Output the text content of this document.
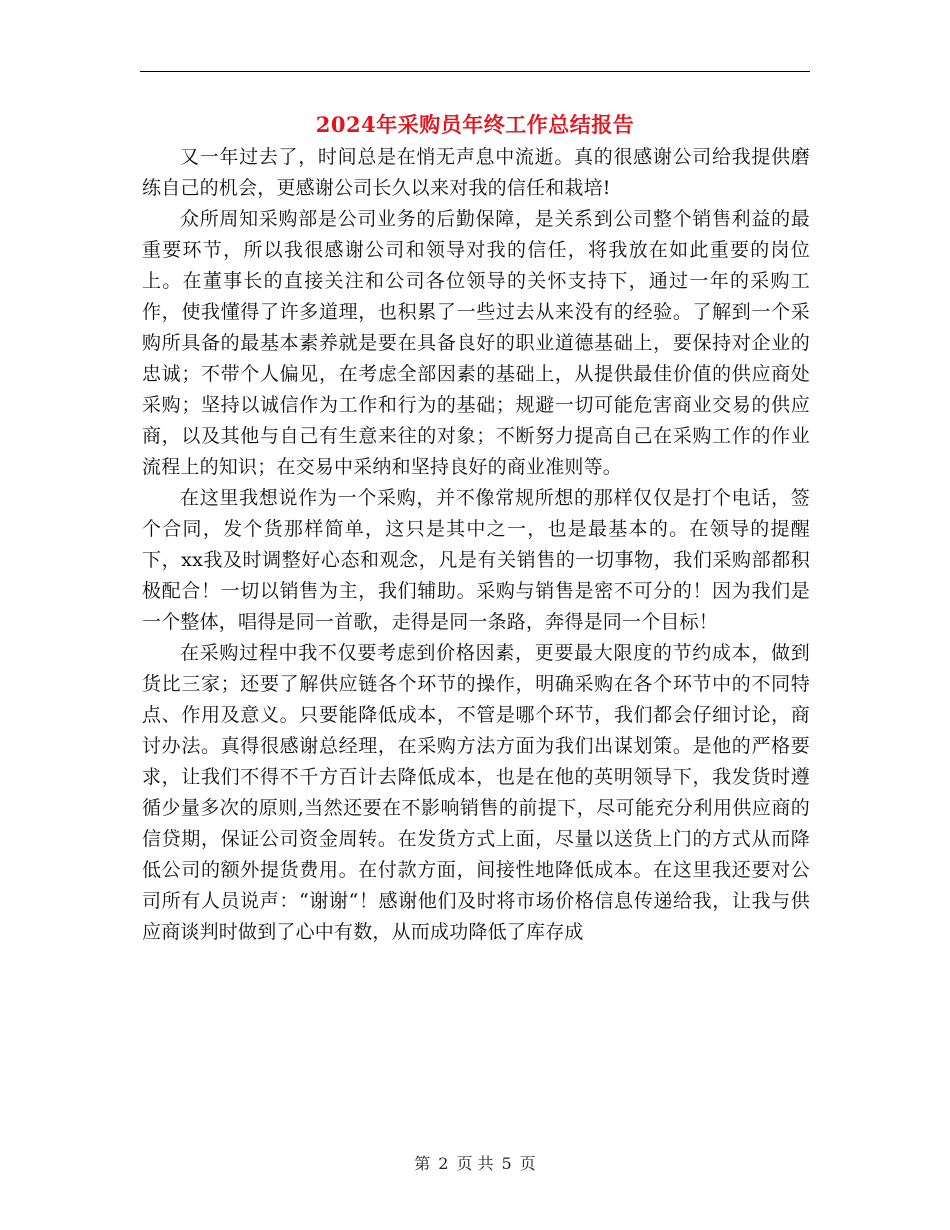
2024年采购员年终工作总结报告

又一年过去了，时间总是在悄无声息中流逝。真的很感谢公司给我提供磨练自己的机会，更感谢公司长久以来对我的信任和栽培!

众所周知采购部是公司业务的后勤保障，是关系到公司整个销售利益的最重要环节，所以我很感谢公司和领导对我的信任，将我放在如此重要的岗位上。在董事长的直接关注和公司各位领导的关怀支持下，通过一年的采购工作，使我懂得了许多道理，也积累了一些过去从来没有的经验。了解到一个采购所具备的最基本素养就是要在具备良好的职业道德基础上，要保持对企业的忠诚；不带个人偏见，在考虑全部因素的基础上，从提供最佳价值的供应商处采购；坚持以诚信作为工作和行为的基础；规避一切可能危害商业交易的供应商，以及其他与自己有生意来往的对象；不断努力提高自己在采购工作的作业流程上的知识；在交易中采纳和坚持良好的商业准则等。

在这里我想说作为一个采购，并不像常规所想的那样仅仅是打个电话，签个合同，发个货那样简单，这只是其中之一，也是最基本的。在领导的提醒下，xx我及时调整好心态和观念，凡是有关销售的一切事物，我们采购部都积极配合！一切以销售为主，我们辅助。采购与销售是密不可分的！因为我们是一个整体，唱得是同一首歌，走得是同一条路，奔得是同一个目标！

在采购过程中我不仅要考虑到价格因素，更要最大限度的节约成本，做到货比三家；还要了解供应链各个环节的操作，明确采购在各个环节中的不同特点、作用及意义。只要能降低成本，不管是哪个环节，我们都会仔细讨论，商讨办法。真得很感谢总经理，在采购方法方面为我们出谋划策。是他的严格要求，让我们不得不千方百计去降低成本，也是在他的英明领导下，我发货时遵循少量多次的原则,当然还要在不影响销售的前提下，尽可能充分利用供应商的信贷期，保证公司资金周转。在发货方式上面，尽量以送货上门的方式从而降低公司的额外提货费用。在付款方面，间接性地降低成本。在这里我还要对公司所有人员说声：“谢谢“！感谢他们及时将市场价格信息传递给我，让我与供应商谈判时做到了心中有数，从而成功降低了库存成

第 2 页 共 5 页
